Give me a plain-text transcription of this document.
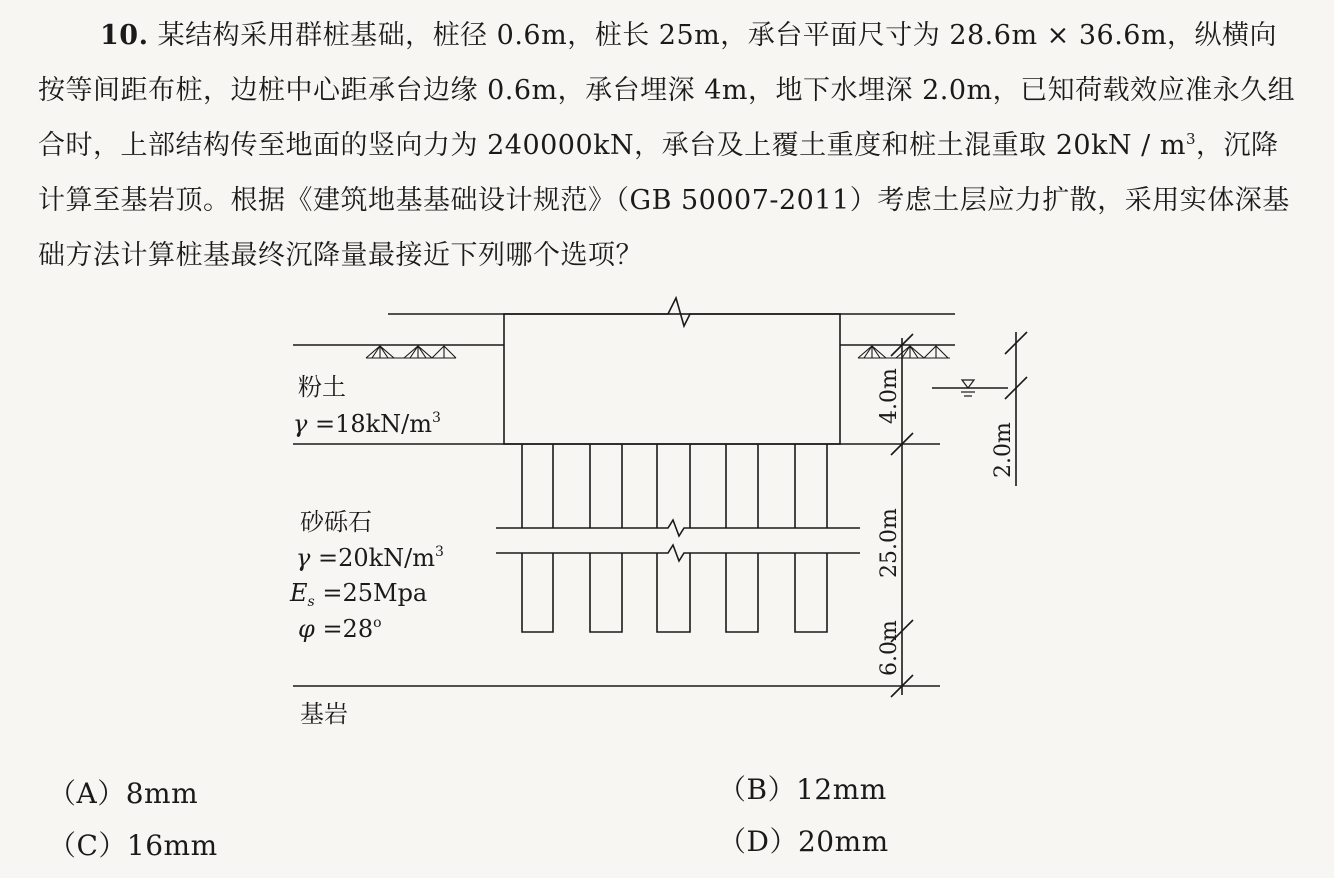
10. 某结构采用群桩基础，桩径 0.6m，桩长 25m，承台平面尺寸为 28.6m × 36.6m，纵横向按等间距布桩，边桩中心距承台边缘 0.6m，承台埋深 4m，地下水埋深 2.0m，已知荷载效应准永久组合时，上部结构传至地面的竖向力为 240000kN，承台及上覆土重度和桩土混重取 $20kN / m^3$，沉降计算至基岩顶。根据《建筑地基基础设计规范》（GB 50007-2011）考虑土层应力扩散，采用实体深基础方法计算桩基最终沉降量最接近下列哪个选项？
粉土
$\gamma =18kN/m^3$
砂砾石
$\gamma =20kN/m^3$
$E_s =25Mpa$
$\varphi =28^o$
基岩
4.0m
25.0m
6.0m
2.0m
（A）8mm	（B）12mm
（C）16mm	（D）20mm
